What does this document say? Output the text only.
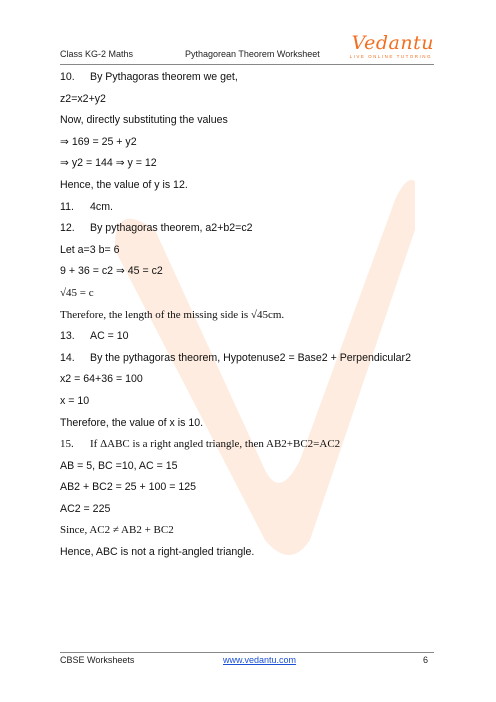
Class KG-2 Maths	Pythagorean Theorem Worksheet Vedantu
LIVE ONLINE TUTORING
10. By Pythagoras theorem we get,
z2=x2+y2
Now, directly substituting the values
⇒ 169 = 25 + y2
⇒ y2 = 144 ⇒ y = 12
Hence, the value of y is 12.
11. 4cm.
12. By pythagoras theorem, a2+b2=c2
Let a=3 b= 6
9 + 36 = c2 ⇒ 45 = c2
√45 = c
Therefore, the length of the missing side is √45cm.
13. AC = 10
14. By the pythagoras theorem, Hypotenuse2 = Base2 + Perpendicular2
x2 = 64+36 = 100
x = 10
Therefore, the value of x is 10.
15. If ΔABC is a right angled triangle, then AB2+BC2=AC2
AB = 5, BC =10, AC = 15
AB2 + BC2 = 25 + 100 = 125
AC2 = 225
Since, AC2 ≠ AB2 + BC2
Hence, ABC is not a right-angled triangle.
CBSE Worksheets	www.vedantu.com	6
